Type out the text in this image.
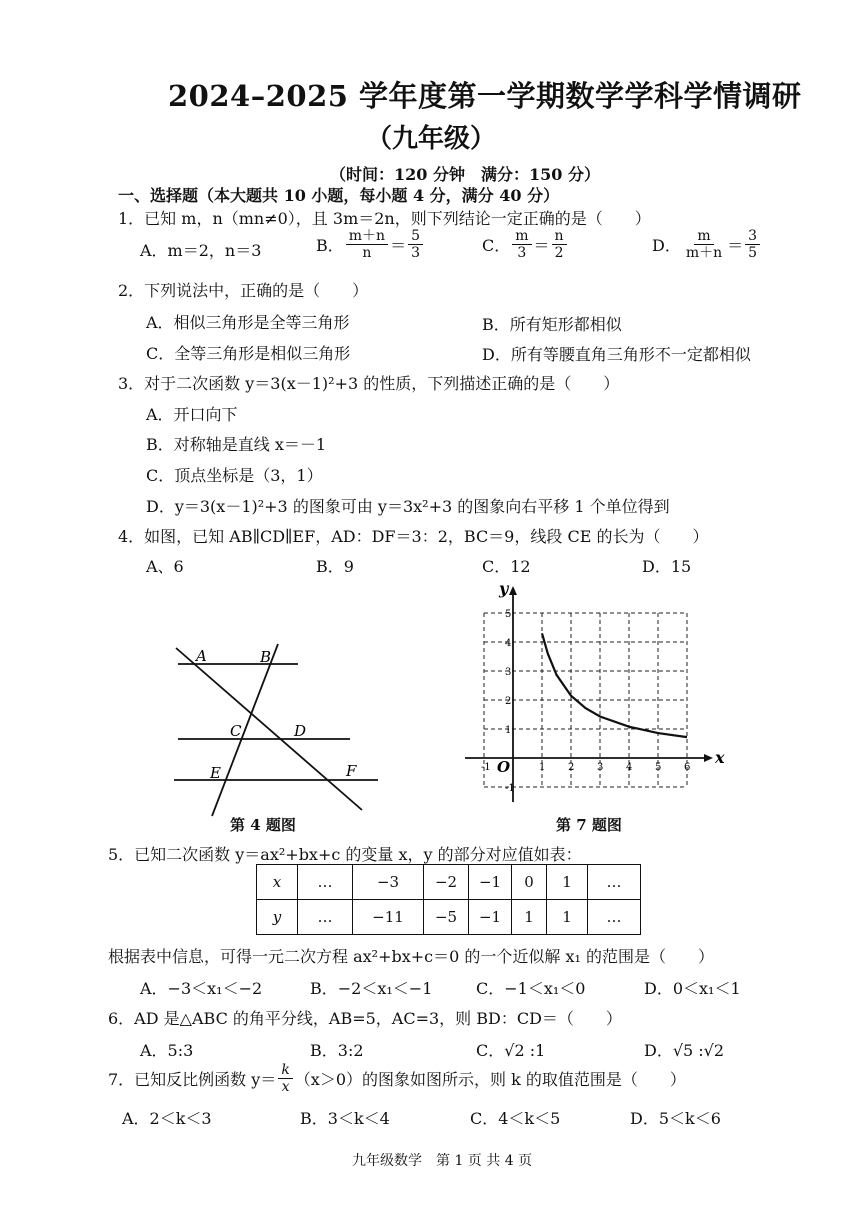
2024–2025 学年度第一学期数学学科学情调研
（九年级）
（时间：120 分钟　满分：150 分）
一、选择题（本大题共 10 小题，每小题 4 分，满分 40 分）
1．已知 m，n（mn≠0），且 3m＝2n，则下列结论一定正确的是（　　）
A．m＝2，n＝3	B． $\frac{m+n}{n} = \frac{5}{3}$	C． $\frac{m}{3} = \frac{n}{2}$	D． $\frac{m}{m+n} = \frac{3}{5}$
2．下列说法中，正确的是（　　）
A．相似三角形是全等三角形	B．所有矩形都相似
C．全等三角形是相似三角形	D．所有等腰直角三角形不一定都相似
3．对于二次函数 y＝3(x－1)²+3 的性质，下列描述正确的是（　　）
A．开口向下
B．对称轴是直线 x＝－1
C．顶点坐标是（3，1）
D．y＝3(x－1)²+3 的图象可由 y＝3x²+3 的图象向右平移 1 个单位得到
4．如图，已知 AB∥CD∥EF，AD：DF＝3：2，BC＝9，线段 CE 的长为（　　）
A、6	B．9	C．12	D．15
A	B
C	D
E	F
第 4 题图
x
y
O
-1	1 2 3 4 5 6
5
4
3
2
1
-1
第 7 题图
5．已知二次函数 y＝ax²+bx+c 的变量 x，y 的部分对应值如表：
x	…	−3	−2	−1	0	1	…
y	…	−11	−5	−1	1	1	…
根据表中信息，可得一元二次方程 ax²+bx+c＝0 的一个近似解 x₁ 的范围是（　　）
A．−3＜x₁＜−2	B．−2＜x₁＜−1	C．−1＜x₁＜0	D．0＜x₁＜1
6．AD 是△ABC 的角平分线，AB=5，AC=3，则 BD：CD＝（　　）
A．5:3	B．3:2	C．√2 :1	D．√5 :√2
7．已知反比例函数 $y= \frac{k}{x} (x>0)$的图象如图所示，则 k 的取值范围是（　　）
A．2＜k＜3	B．3＜k＜4	C．4＜k＜5	D．5＜k＜6
九年级数学　第 1 页 共 4 页
